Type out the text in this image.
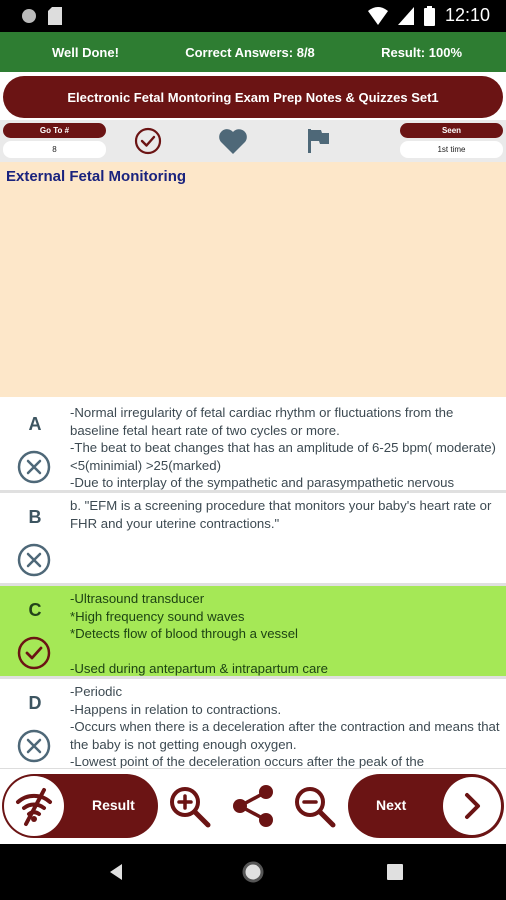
12:10
Well Done!	Correct Answers: 8/8	Result: 100%
Electronic Fetal Montoring Exam Prep Notes & Quizzes Set1
Go To #
8
Seen
1st time
External Fetal Monitoring
A
-Normal irregularity of fetal cardiac rhythm or fluctuations from the baseline fetal heart rate of two cycles or more.
-The beat to beat changes that has an amplitude of 6-25 bpm( moderate) <5(minimial) >25(marked)
-Due to interplay of the sympathetic and parasympathetic nervous
B
b. "EFM is a screening procedure that monitors your baby's heart rate or FHR and your uterine contractions."
C
-Ultrasound transducer
*High frequency sound waves
*Detects flow of blood through a vessel

-Used during antepartum & intrapartum care
D
-Periodic
-Happens in relation to contractions.
-Occurs when there is a deceleration after the contraction and means that the baby is not getting enough oxygen.
-Lowest point of the deceleration occurs after the peak of the
Result	Next
